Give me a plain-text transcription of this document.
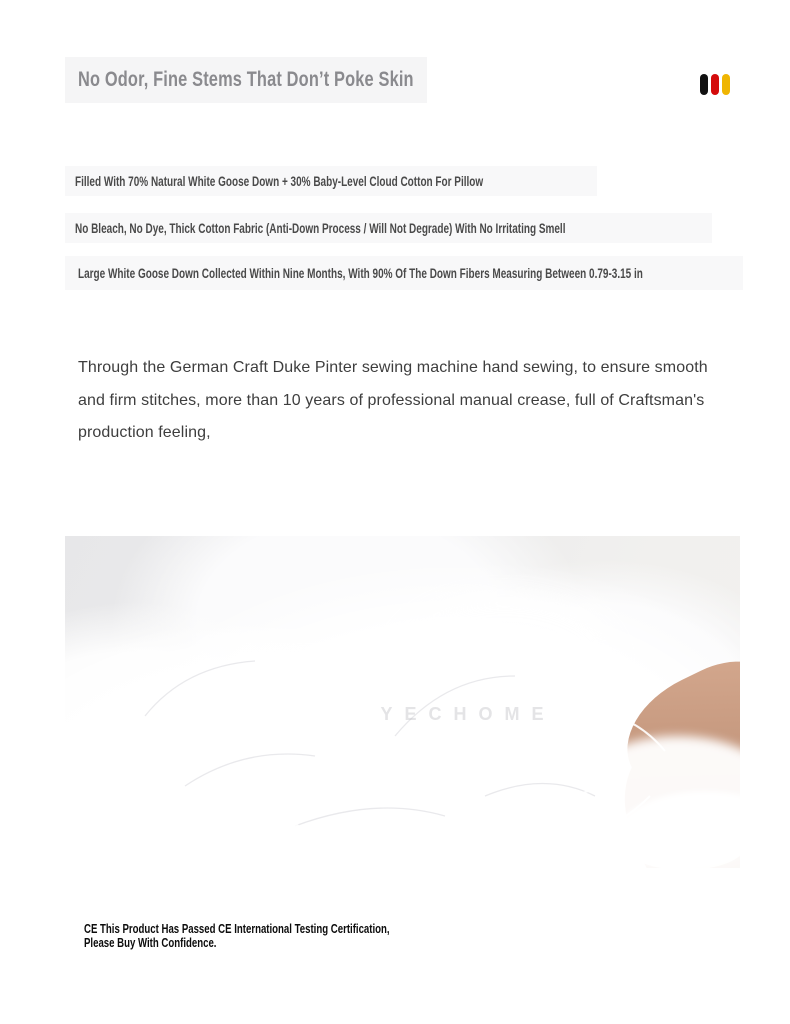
No Odor, Fine Stems That Don’t Poke Skin
Filled With 70% Natural White Goose Down + 30% Baby-Level Cloud Cotton For Pillow
No Bleach, No Dye, Thick Cotton Fabric (Anti-Down Process / Will Not Degrade) With No Irritating Smell
Large White Goose Down Collected Within Nine Months, With 90% Of The Down Fibers Measuring Between 0.79-3.15 in
Through the German Craft Duke Pinter sewing machine hand sewing, to ensure smooth
and firm stitches, more than 10 years of professional manual crease, full of Craftsman's
production feeling,
YECHOME
CE This Product Has Passed CE International Testing Certification,
Please Buy With Confidence.
